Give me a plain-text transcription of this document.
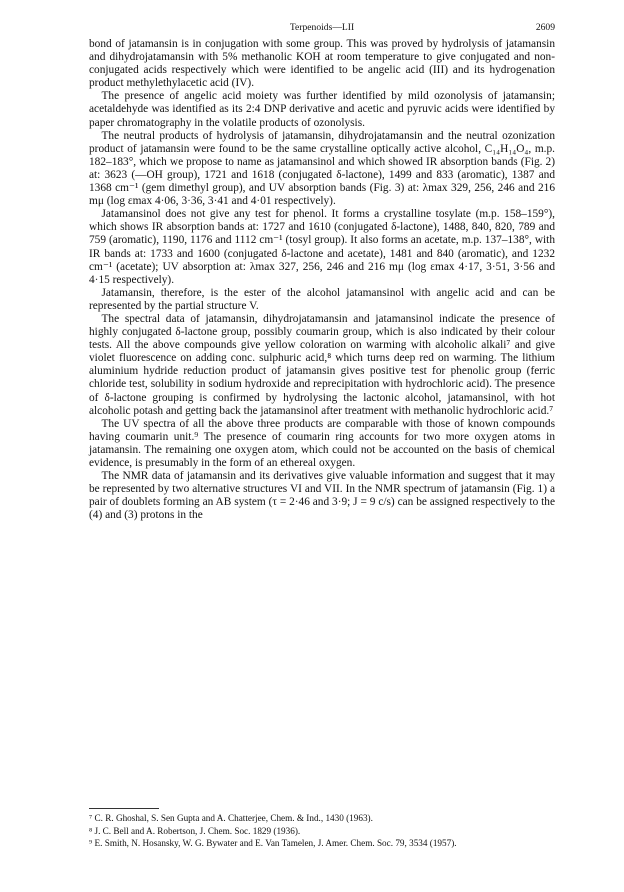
Terpenoids—LII	2609

bond of jatamansin is in conjugation with some group. This was proved by hydrolysis of jatamansin and dihydrojatamansin with 5% methanolic KOH at room temperature to give conjugated and non-conjugated acids respectively which were identified to be angelic acid (III) and its hydrogenation product methylethylacetic acid (IV).

The presence of angelic acid moiety was further identified by mild ozonolysis of jatamansin; acetaldehyde was identified as its 2:4 DNP derivative and acetic and pyruvic acids were identified by paper chromatography in the volatile products of ozonolysis.

The neutral products of hydrolysis of jatamansin, dihydrojatamansin and the neutral ozonization product of jatamansin were found to be the same crystalline optically active alcohol, C₁₄H₁₄O₄, m.p. 182–183°, which we propose to name as jatamansinol and which showed IR absorption bands (Fig. 2) at: 3623 (—OH group), 1721 and 1618 (conjugated δ-lactone), 1499 and 833 (aromatic), 1387 and 1368 cm⁻¹ (gem dimethyl group), and UV absorption bands (Fig. 3) at: λmax 329, 256, 246 and 216 mμ (log εmax 4·06, 3·36, 3·41 and 4·01 respectively).

Jatamansinol does not give any test for phenol. It forms a crystalline tosylate (m.p. 158–159°), which shows IR absorption bands at: 1727 and 1610 (conjugated δ-lactone), 1488, 840, 820, 789 and 759 (aromatic), 1190, 1176 and 1112 cm⁻¹ (tosyl group). It also forms an acetate, m.p. 137–138°, with IR bands at: 1733 and 1600 (conjugated δ-lactone and acetate), 1481 and 840 (aromatic), and 1232 cm⁻¹ (acetate); UV absorption at: λmax 327, 256, 246 and 216 mμ (log εmax 4·17, 3·51, 3·56 and 4·15 respectively).

Jatamansin, therefore, is the ester of the alcohol jatamansinol with angelic acid and can be represented by the partial structure V.

The spectral data of jatamansin, dihydrojatamansin and jatamansinol indicate the presence of highly conjugated δ-lactone group, possibly coumarin group, which is also indicated by their colour tests. All the above compounds give yellow coloration on warming with alcoholic alkali⁷ and give violet fluorescence on adding conc. sulphuric acid,⁸ which turns deep red on warming. The lithium aluminium hydride reduction product of jatamansin gives positive test for phenolic group (ferric chloride test, solubility in sodium hydroxide and reprecipitation with hydrochloric acid). The presence of δ-lactone grouping is confirmed by hydrolysing the lactonic alcohol, jatamansinol, with hot alcoholic potash and getting back the jatamansinol after treatment with methanolic hydrochloric acid.⁷

The UV spectra of all the above three products are comparable with those of known compounds having coumarin unit.⁹ The presence of coumarin ring accounts for two more oxygen atoms in jatamansin. The remaining one oxygen atom, which could not be accounted on the basis of chemical evidence, is presumably in the form of an ethereal oxygen.

The NMR data of jatamansin and its derivatives give valuable information and suggest that it may be represented by two alternative structures VI and VII. In the NMR spectrum of jatamansin (Fig. 1) a pair of doublets forming an AB system (τ = 2·46 and 3·9; J = 9 c/s) can be assigned respectively to the (4) and (3) protons in the

⁷ C. R. Ghoshal, S. Sen Gupta and A. Chatterjee, Chem. & Ind., 1430 (1963).

⁸ J. C. Bell and A. Robertson, J. Chem. Soc. 1829 (1936).

⁹ E. Smith, N. Hosansky, W. G. Bywater and E. Van Tamelen, J. Amer. Chem. Soc. 79, 3534 (1957).
